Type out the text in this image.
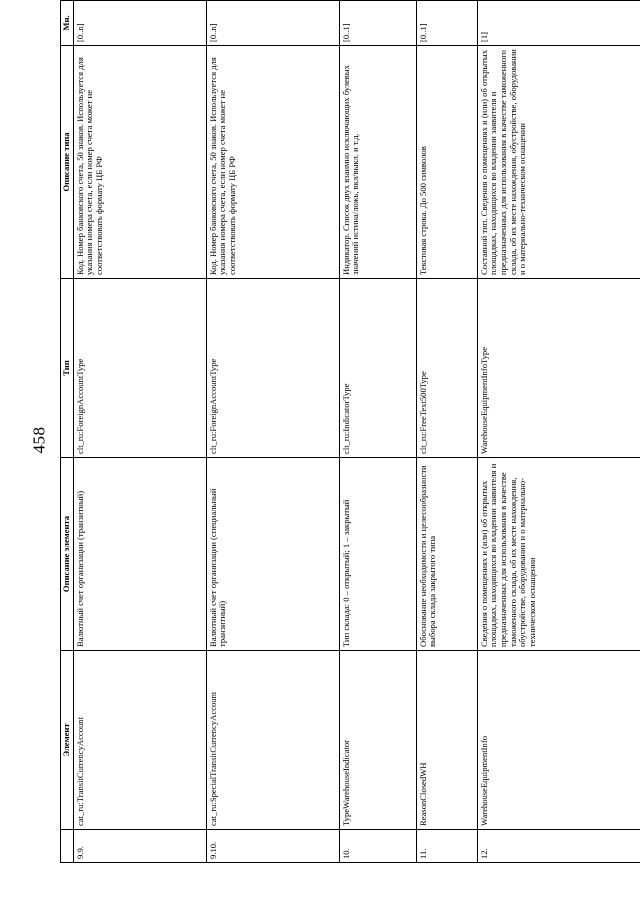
458
	Элемент	Описание элемента	Тип	Описание типа	Мн.
9.9.	cat_ru:TransitCurrencyAccount	Валютный счет организации (транзитный)	clt_ru:ForeignAccountType	Код. Номер банковского счета, 50 знаков. Используется для указания номера счета, если номер счета может не соответствовать формату ЦБ РФ	[0..n]
9.10.	cat_ru:SpecialTransitCurrencyAccount	Валютный счет организации (специальный транзитный)	clt_ru:ForeignAccountType	Код. Номер банковского счета, 50 знаков. Используется для указания номера счета, если номер счета может не соответствовать формату ЦБ РФ	[0..n]
10.	TypeWarehouseIndicator	Тип склада: 0 – открытый; 1 – закрытый	clt_ru:IndicatorType	Индикатор. Список двух взаимно исключающих булевых значений истина/ложь, вкл/выкл. и т.д.	[0..1]
11.	ReasonClosedWH	Обоснование необходимости и целесообразности выбора склада закрытого типа	clt_ru:FreeText500Type	Текстовая строка. До 500 символов	[0..1]
12.	WarehouseEquipmentInfo	Сведения о помещениях и (или) об открытых площадках, находящихся во владении заявителя и предназначенных для использования в качестве таможенного склада, об их месте нахождения, обустройстве, оборудовании и о материально-техническом оснащении	WarehouseEquipmentInfoType	Составной тип. Сведения о помещениях и (или) об открытых площадках, находящихся во владении заявителя и предназначенных для использования в качестве таможенного склада, об их месте нахождения, обустройстве, оборудовании и о материально-техническом оснащении	[1]
